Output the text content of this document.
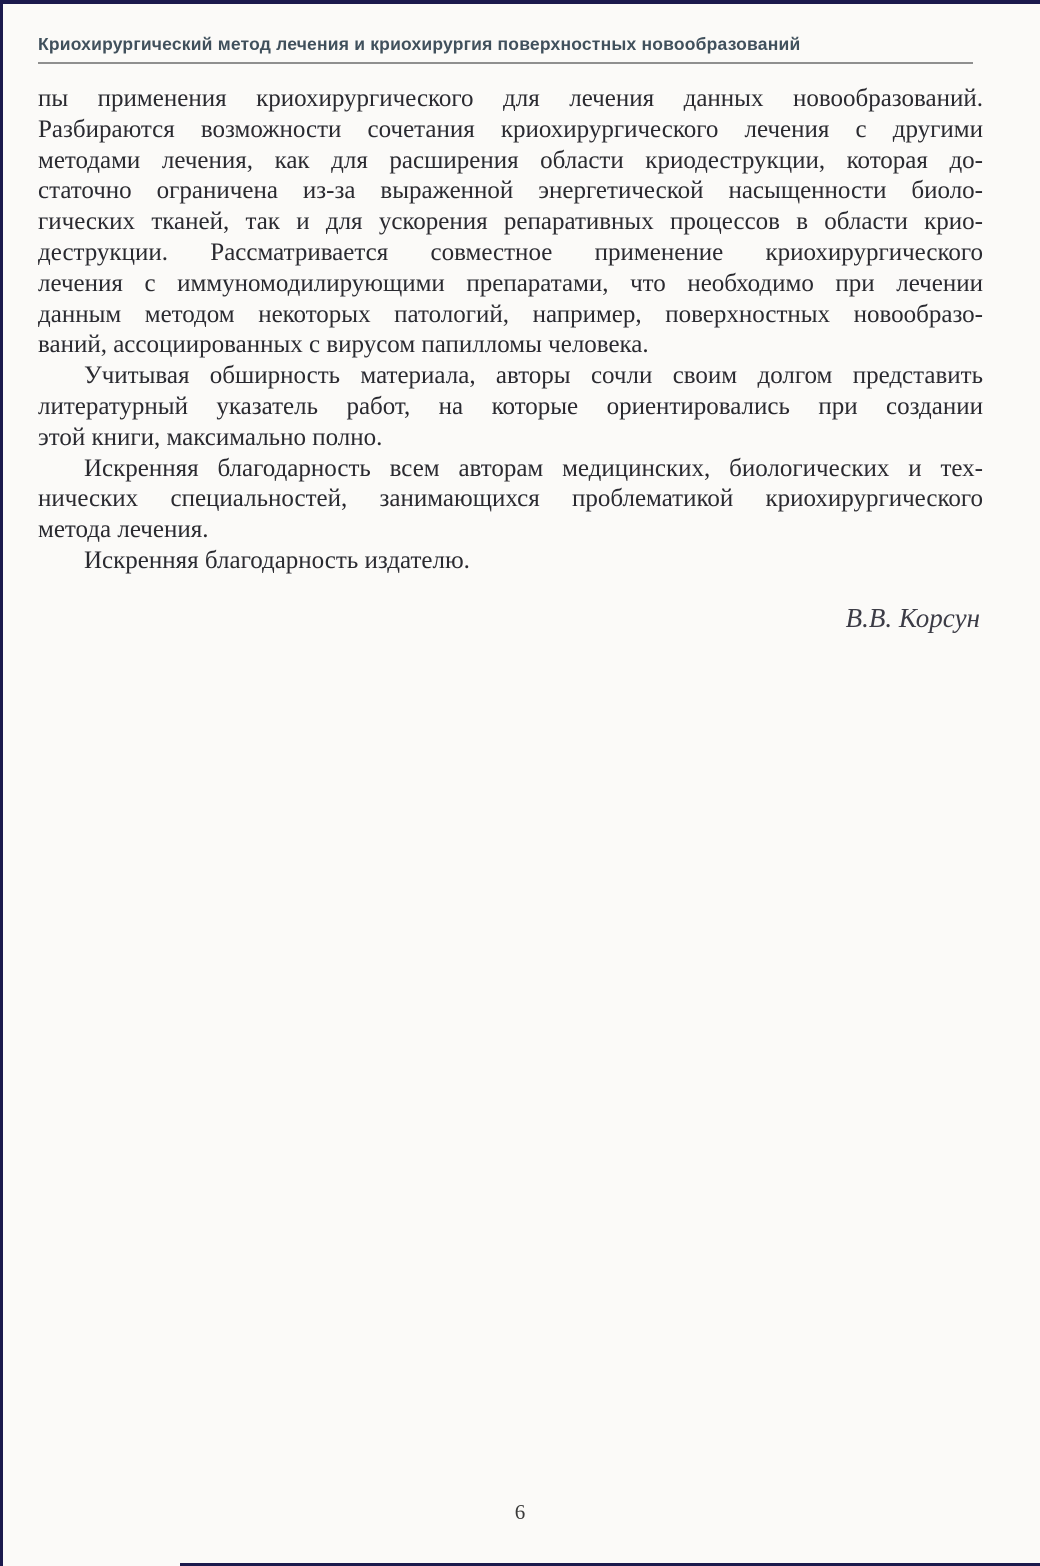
Криохирургический метод лечения и криохирургия поверхностных новообразований
пы применения криохирургического для лечения данных новообразований.
Разбираются возможности сочетания криохирургического лечения с другими
методами лечения, как для расширения области криодеструкции, которая до-
статочно ограничена из-за выраженной энергетической насыщенности биоло-
гических тканей, так и для ускорения репаративных процессов в области крио-
деструкции. Рассматривается совместное применение криохирургического
лечения с иммуномодилирующими препаратами, что необходимо при лечении
данным методом некоторых патологий, например, поверхностных новообразо-
ваний, ассоциированных с вирусом папилломы человека.
Учитывая обширность материала, авторы сочли своим долгом представить
литературный указатель работ, на которые ориентировались при создании
этой книги, максимально полно.
Искренняя благодарность всем авторам медицинских, биологических и тех-
нических специальностей, занимающихся проблематикой криохирургического
метода лечения.
Искренняя благодарность издателю.
В.В. Корсун
6
